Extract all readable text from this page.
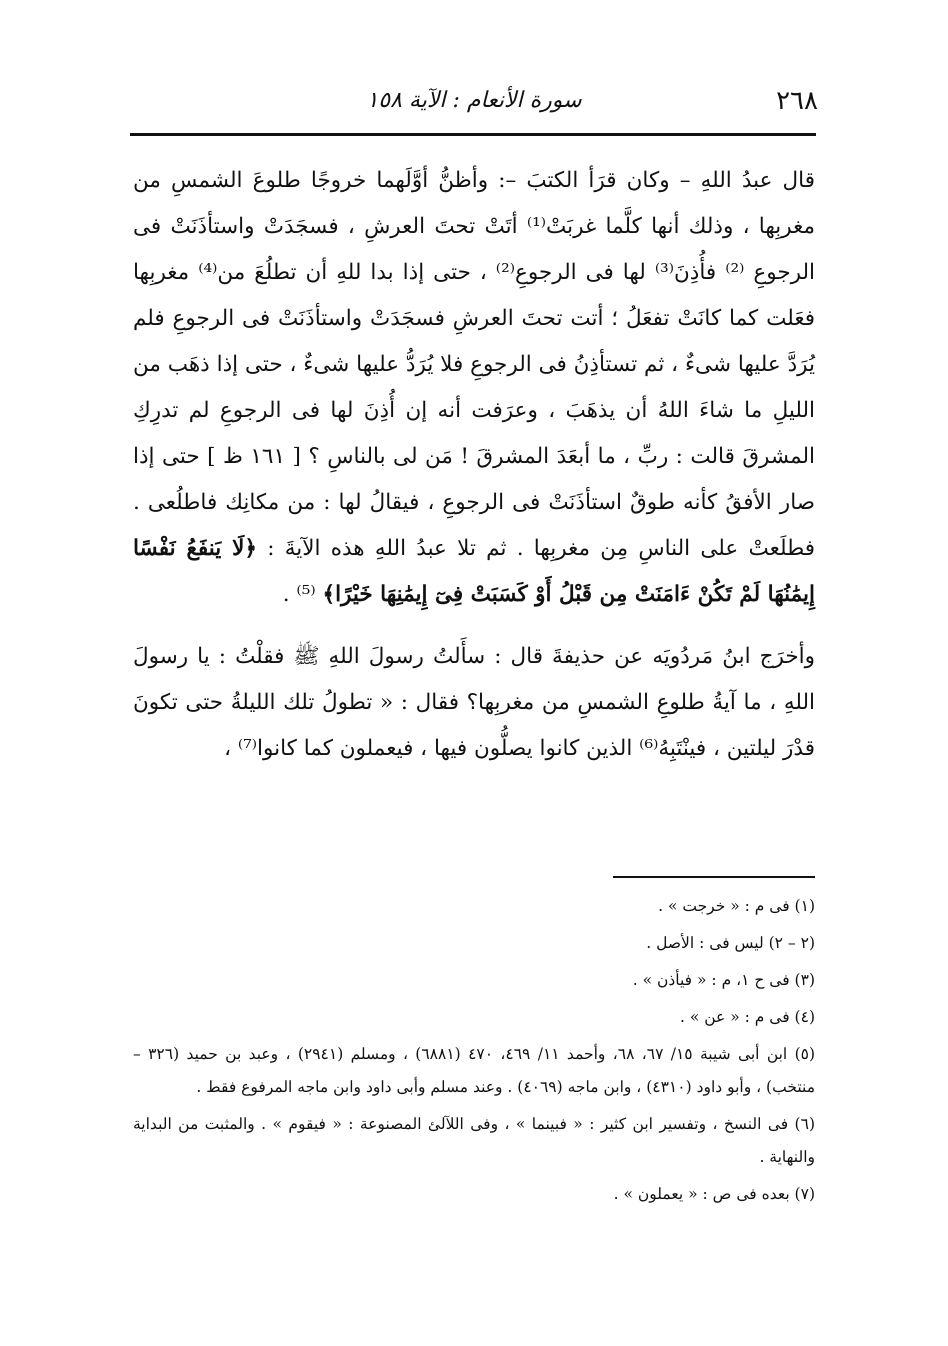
٢٦٨
سورة الأنعام : الآية ١٥٨

قال عبدُ اللهِ – وكان قرَأ الكتبَ –: وأظنُّ أوَّلَهما خروجًا طلوعَ الشمسِ من مغربِها ، وذلك أنها كلَّما غربَتْ⁽¹⁾ أتَتْ تحتَ العرشِ ، فسجَدَتْ واستأذَنَتْ فى الرجوعِ ⁽²⁾ فأُذِنَ⁽³⁾ لها فى الرجوعِ⁽²⁾ ، حتى إذا بدا للهِ أن تطلُعَ من⁽⁴⁾ مغربِها فعَلت كما كانَتْ تفعَلُ ؛ أتت تحتَ العرشِ فسجَدَتْ واستأذَنَتْ فى الرجوعِ فلم يُرَدَّ عليها شىءٌ ، ثم تستأذِنُ فى الرجوعِ فلا يُرَدُّ عليها شىءٌ ، حتى إذا ذهَب من الليلِ ما شاءَ اللهُ أن يذهَبَ ، وعرَفت أنه إن أُذِنَ لها فى الرجوعِ لم تدرِكِ المشرقَ قالت : ربِّ ، ما أبعَدَ المشرقَ ! مَن لى بالناسِ ؟ [ ١٦١ ظ ] حتى إذا صار الأفقُ كأنه طوقٌ استأذَنَتْ فى الرجوعِ ، فيقالُ لها : من مكانِك فاطلُعى . فطلَعتْ على الناسِ مِن مغربِها . ثم تلا عبدُ اللهِ هذه الآيةَ : ﴿لَا يَنفَعُ نَفْسًا إِيمَٰنُهَا لَمْ تَكُنْ ءَامَنَتْ مِن قَبْلُ أَوْ كَسَبَتْ فِىٓ إِيمَٰنِهَا خَيْرًا﴾ ⁽⁵⁾ .

وأخرَج ابنُ مَردُويَه عن حذيفةَ قال : سأَلتُ رسولَ اللهِ ﷺ فقلْتُ : يا رسولَ اللهِ ، ما آيةُ طلوعِ الشمسِ من مغربِها؟ فقال : « تطولُ تلك الليلةُ حتى تكونَ قدْرَ ليلتين ، فينْتَبِهُ⁽⁶⁾ الذين كانوا يصلُّون فيها ، فيعملون كما كانوا⁽⁷⁾ ،

(١) فى م : « خرجت » .

(٢ – ٢) ليس فى : الأصل .

(٣) فى ح ١، م : « فيأذن » .

(٤) فى م : « عن » .

(٥) ابن أبى شيبة ١٥/ ٦٧، ٦٨، وأحمد ١١/ ٤٦٩، ٤٧٠ (٦٨٨١) ، ومسلم (٢٩٤١) ، وعبد بن حميد (٣٢٦ – منتخب) ، وأبو داود (٤٣١٠) ، وابن ماجه (٤٠٦٩) . وعند مسلم وأبى داود وابن ماجه المرفوع فقط .

(٦) فى النسخ ، وتفسير ابن كثير : « فبينما » ، وفى اللآلئ المصنوعة : « فيقوم » . والمثبت من البداية والنهاية .

(٧) بعده فى ص : « يعملون » .
